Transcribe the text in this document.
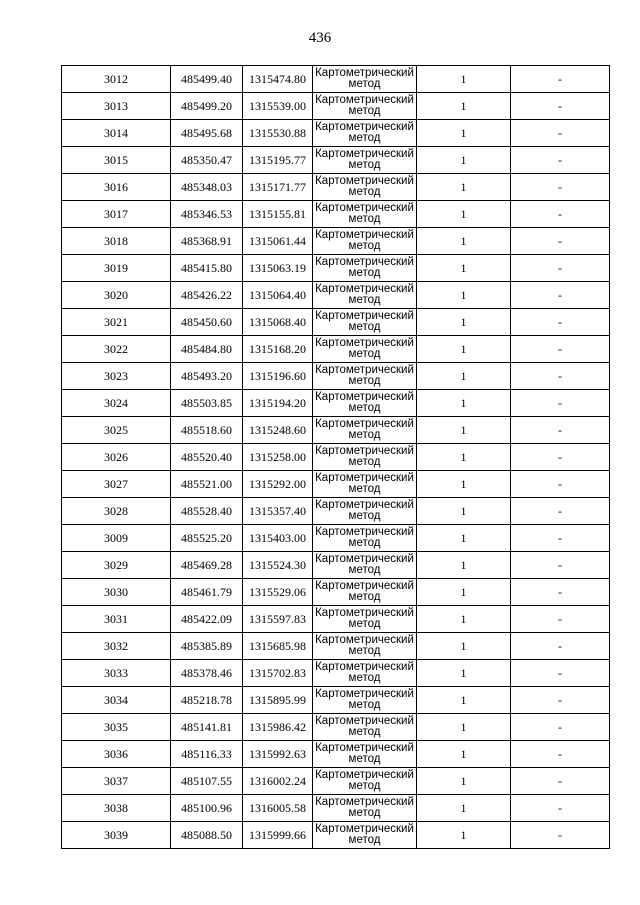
436
3012	485499.40	1315474.80	Картометрический
метод	1	-
3013	485499.20	1315539.00	Картометрический
метод	1	-
3014	485495.68	1315530.88	Картометрический
метод	1	-
3015	485350.47	1315195.77	Картометрический
метод	1	-
3016	485348.03	1315171.77	Картометрический
метод	1	-
3017	485346.53	1315155.81	Картометрический
метод	1	-
3018	485368.91	1315061.44	Картометрический
метод	1	-
3019	485415.80	1315063.19	Картометрический
метод	1	-
3020	485426.22	1315064.40	Картометрический
метод	1	-
3021	485450.60	1315068.40	Картометрический
метод	1	-
3022	485484.80	1315168.20	Картометрический
метод	1	-
3023	485493.20	1315196.60	Картометрический
метод	1	-
3024	485503.85	1315194.20	Картометрический
метод	1	-
3025	485518.60	1315248.60	Картометрический
метод	1	-
3026	485520.40	1315258.00	Картометрический
метод	1	-
3027	485521.00	1315292.00	Картометрический
метод	1	-
3028	485528.40	1315357.40	Картометрический
метод	1	-
3009	485525.20	1315403.00	Картометрический
метод	1	-
3029	485469.28	1315524.30	Картометрический
метод	1	-
3030	485461.79	1315529.06	Картометрический
метод	1	-
3031	485422.09	1315597.83	Картометрический
метод	1	-
3032	485385.89	1315685.98	Картометрический
метод	1	-
3033	485378.46	1315702.83	Картометрический
метод	1	-
3034	485218.78	1315895.99	Картометрический
метод	1	-
3035	485141.81	1315986.42	Картометрический
метод	1	-
3036	485116.33	1315992.63	Картометрический
метод	1	-
3037	485107.55	1316002.24	Картометрический
метод	1	-
3038	485100.96	1316005.58	Картометрический
метод	1	-
3039	485088.50	1315999.66	Картометрический
метод	1	-
